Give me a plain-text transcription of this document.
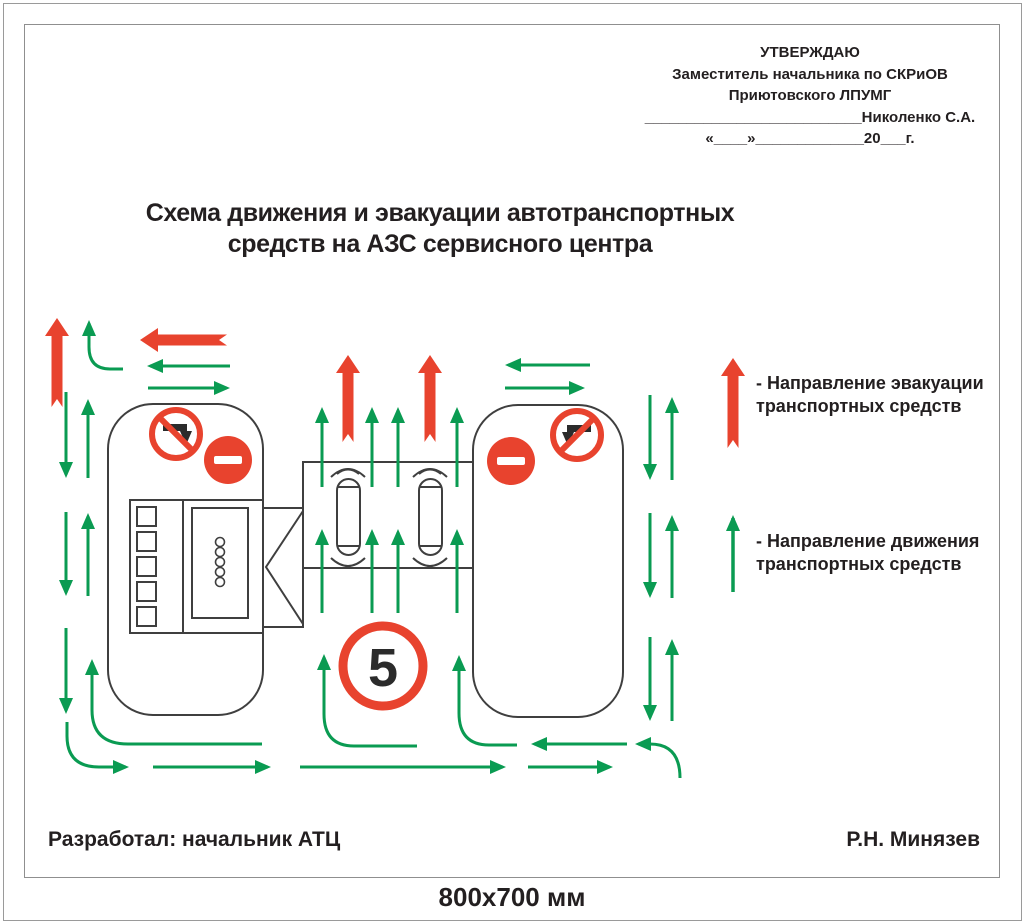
5
УТВЕРЖДАЮ
Заместитель начальника по СКРиОВ
Приютовского ЛПУМГ
__________________________Николенко С.А.
«____»_____________20___г.
Схема движения и эвакуации автотранспортных
средств на АЗС сервисного центра
- Направление эвакуации
транспортных средств
- Направление движения
транспортных средств
Разработал: начальник АТЦ	Р.Н. Минязев
800x700 мм
